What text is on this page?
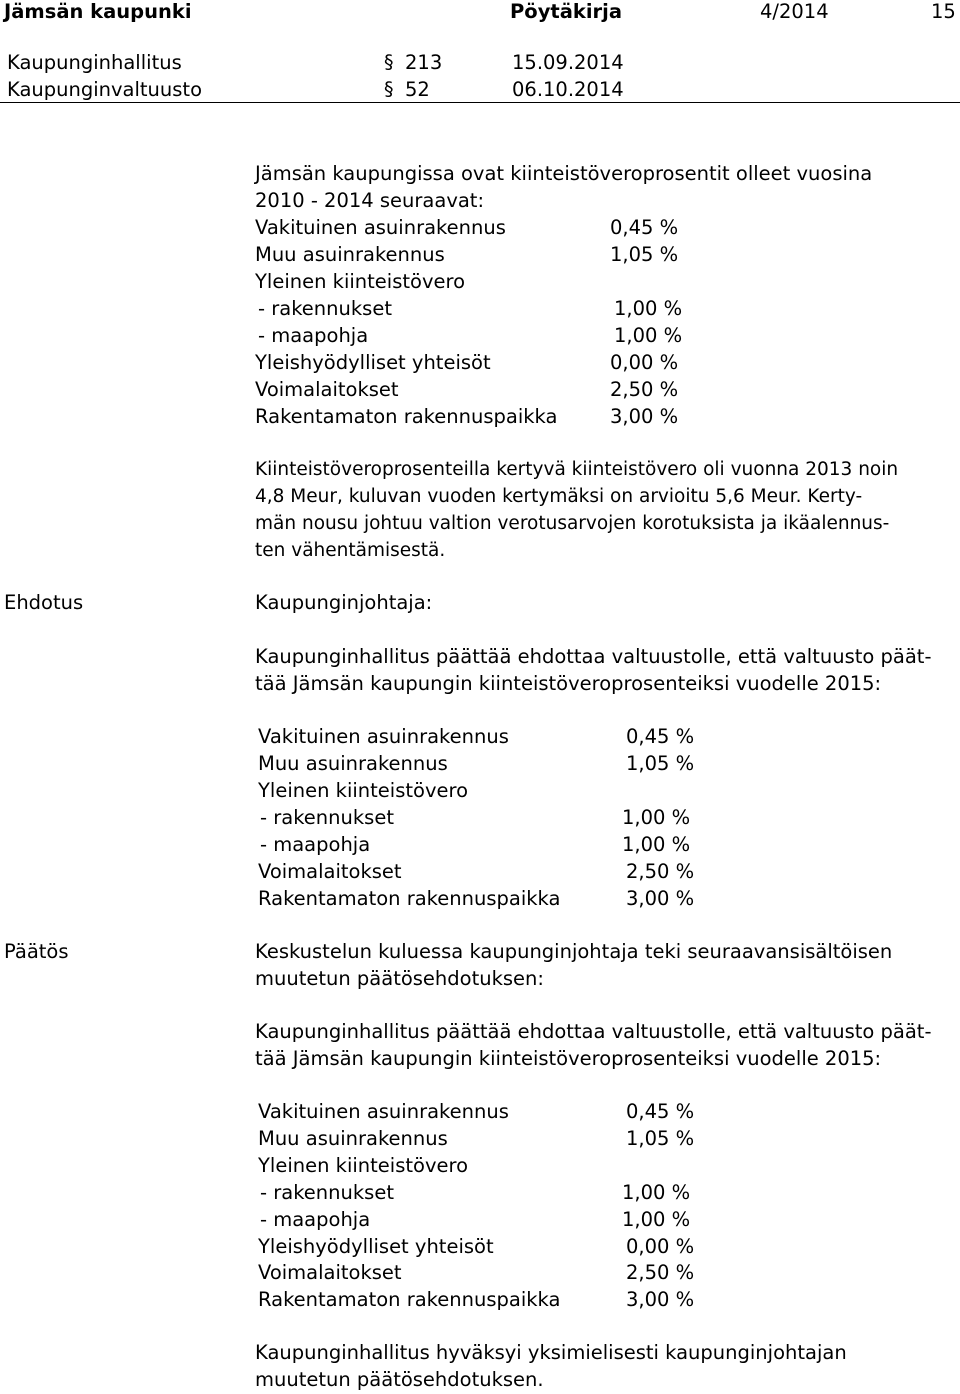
Jämsän kaupunki	Pöytäkirja	4/2014	15
Kaupunginhallitus	§ 213	15.09.2014
Kaupunginvaltuusto	§ 52	06.10.2014
Jämsän kaupungissa ovat kiinteistöveroprosentit olleet vuosina
2010 - 2014 seuraavat:
Vakituinen asuinrakennus	0,45 %
Muu asuinrakennus	1,05 %
Yleinen kiinteistövero
- rakennukset	1,00 %
- maapohja	1,00 %
Yleishyödylliset yhteisöt	0,00 %
Voimalaitokset	2,50 %
Rakentamaton rakennuspaikka	3,00 %
Kiinteistöveroprosenteilla kertyvä kiinteistövero oli vuonna 2013 noin
4,8 Meur, kuluvan vuoden kertymäksi on arvioitu 5,6 Meur. Kerty-
män nousu johtuu valtion verotusarvojen korotuksista ja ikäalennus-
ten vähentämisestä.
Ehdotus	Kaupunginjohtaja:
Kaupunginhallitus päättää ehdottaa valtuustolle, että valtuusto päät-
tää Jämsän kaupungin kiinteistöveroprosenteiksi vuodelle 2015:
Vakituinen asuinrakennus	0,45 %
Muu asuinrakennus	1,05 %
Yleinen kiinteistövero
- rakennukset	1,00 %
- maapohja	1,00 %
Voimalaitokset	2,50 %
Rakentamaton rakennuspaikka	3,00 %
Päätös	Keskustelun kuluessa kaupunginjohtaja teki seuraavansisältöisen
muutetun päätösehdotuksen:
Kaupunginhallitus päättää ehdottaa valtuustolle, että valtuusto päät-
tää Jämsän kaupungin kiinteistöveroprosenteiksi vuodelle 2015:
Vakituinen asuinrakennus	0,45 %
Muu asuinrakennus	1,05 %
Yleinen kiinteistövero
- rakennukset	1,00 %
- maapohja	1,00 %
Yleishyödylliset yhteisöt	0,00 %
Voimalaitokset	2,50 %
Rakentamaton rakennuspaikka	3,00 %
Kaupunginhallitus hyväksyi yksimielisesti kaupunginjohtajan
muutetun päätösehdotuksen.
